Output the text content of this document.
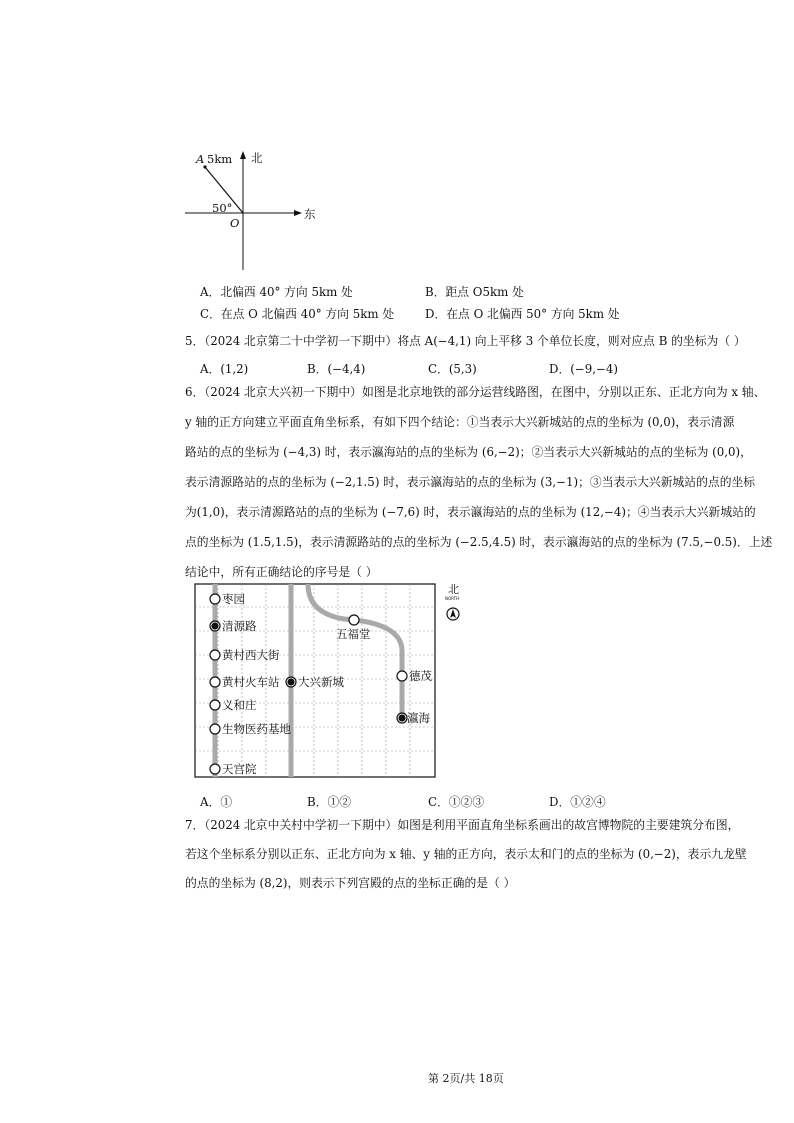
A 5km 北
东
50°
O
A．北偏西 40° 方向 5km 处	B．距点 O5km 处
C．在点 O 北偏西 40° 方向 5km 处	D．在点 O 北偏西 50° 方向 5km 处
5．（2024 北京第二十中学初一下期中）将点 A(−4,1) 向上平移 3 个单位长度，则对应点 B 的坐标为（ ）
A．(1,2)	B．(−4,4)	C．(5,3)	D．(−9,−4)
6．（2024 北京大兴初一下期中）如图是北京地铁的部分运营线路图，在图中，分别以正东、正北方向为 x 轴、
y 轴的正方向建立平面直角坐标系，有如下四个结论：①当表示大兴新城站的点的坐标为 (0,0)，表示清源
路站的点的坐标为 (−4,3) 时，表示瀛海站的点的坐标为 (6,−2)；②当表示大兴新城站的点的坐标为 (0,0)，
表示清源路站的点的坐标为 (−2,1.5) 时，表示瀛海站的点的坐标为 (3,−1)；③当表示大兴新城站的点的坐标
为(1,0)，表示清源路站的点的坐标为 (−7,6) 时，表示瀛海站的点的坐标为 (12,−4)；④当表示大兴新城站的
点的坐标为 (1.5,1.5)，表示清源路站的点的坐标为 (−2.5,4.5) 时，表示瀛海站的点的坐标为 (7.5,−0.5)．上述
结论中，所有正确结论的序号是（ ）
枣园
清源路
黄村西大街
黄村火车站 大兴新城
义和庄
生物医药基地
天宫院
五福堂
德茂
瀛海
北
NORTH
A．①	B．①②	C．①②③	D．①②④
7．（2024 北京中关村中学初一下期中）如图是利用平面直角坐标系画出的故宫博物院的主要建筑分布图，
若这个坐标系分别以正东、正北方向为 x 轴、y 轴的正方向，表示太和门的点的坐标为 (0,−2)，表示九龙壁
的点的坐标为 (8,2)，则表示下列宫殿的点的坐标正确的是（ ）
第 2页/共 18页
